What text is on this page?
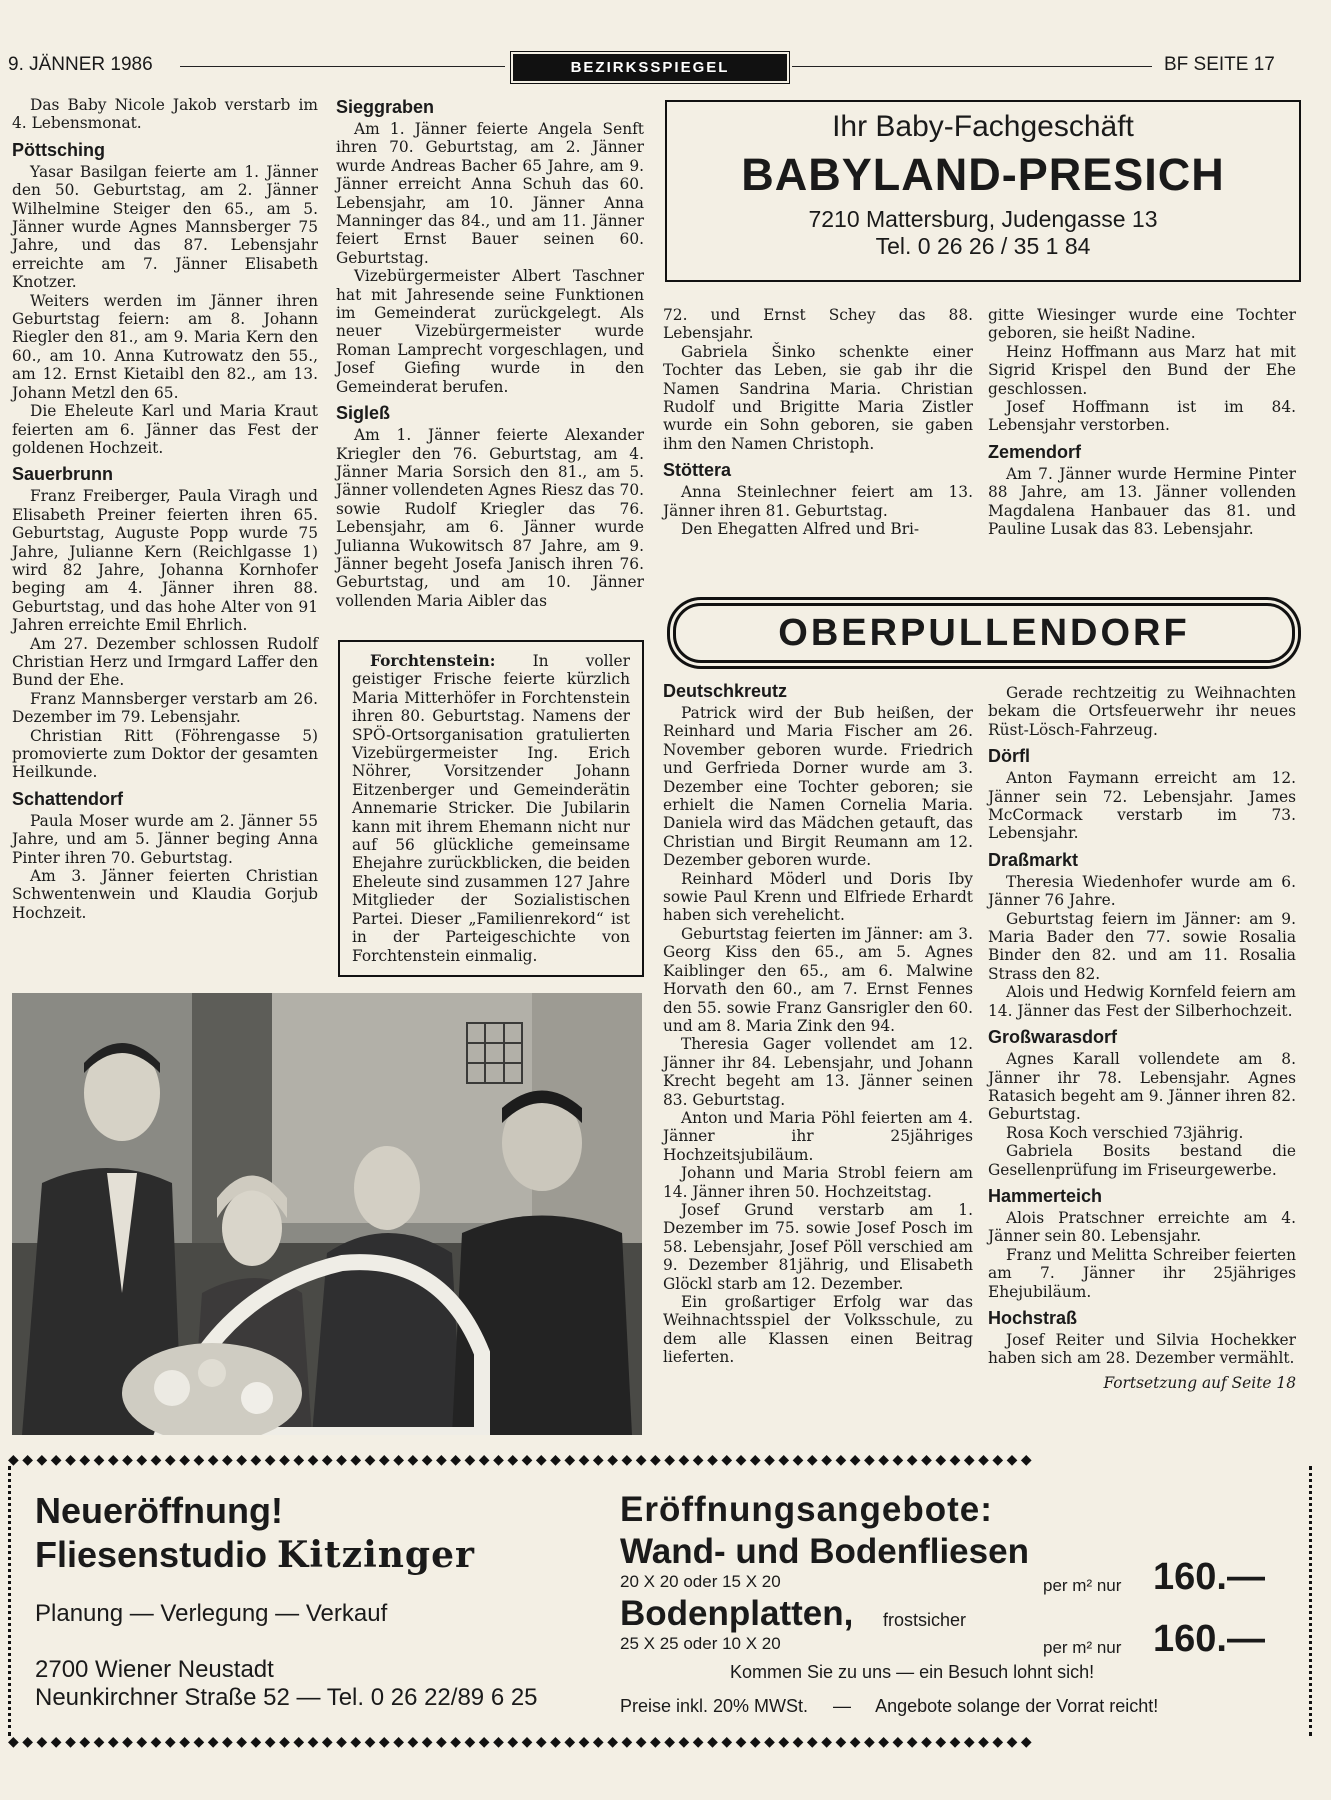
9. JÄNNER 1986	BEZIRKSSPIEGEL	BF SEITE 17

Das Baby Nicole Jakob verstarb im 4. Lebensmonat.

Pöttsching

Yasar Basilgan feierte am 1. Jänner den 50. Geburtstag, am 2. Jänner Wilhelmine Steiger den 65., am 5. Jänner wurde Agnes Mannsberger 75 Jahre, und das 87. Lebensjahr erreichte am 7. Jänner Elisabeth Knotzer.

Weiters werden im Jänner ihren Geburtstag feiern: am 8. Johann Riegler den 81., am 9. Maria Kern den 60., am 10. Anna Kutrowatz den 55., am 12. Ernst Kietaibl den 82., am 13. Johann Metzl den 65.

Die Eheleute Karl und Maria Kraut feierten am 6. Jänner das Fest der goldenen Hochzeit.

Sauerbrunn

Franz Freiberger, Paula Viragh und Elisabeth Preiner feierten ihren 65. Geburtstag, Auguste Popp wurde 75 Jahre, Julianne Kern (Reichlgasse 1) wird 82 Jahre, Johanna Kornhofer beging am 4. Jänner ihren 88. Geburtstag, und das hohe Alter von 91 Jahren erreichte Emil Ehrlich.

Am 27. Dezember schlossen Rudolf Christian Herz und Irmgard Laffer den Bund der Ehe.

Franz Mannsberger verstarb am 26. Dezember im 79. Lebensjahr.

Christian Ritt (Föhrengasse 5) promovierte zum Doktor der gesamten Heilkunde.

Schattendorf

Paula Moser wurde am 2. Jänner 55 Jahre, und am 5. Jänner beging Anna Pinter ihren 70. Geburtstag.

Am 3. Jänner feierten Christian Schwentenwein und Klaudia Gorjub Hochzeit.

Sieggraben

Am 1. Jänner feierte Angela Senft ihren 70. Geburtstag, am 2. Jänner wurde Andreas Bacher 65 Jahre, am 9. Jänner erreicht Anna Schuh das 60. Lebensjahr, am 10. Jänner Anna Manninger das 84., und am 11. Jänner feiert Ernst Bauer seinen 60. Geburtstag.

Vizebürgermeister Albert Taschner hat mit Jahresende seine Funktionen im Gemeinderat zurückgelegt. Als neuer Vizebürgermeister wurde Roman Lamprecht vorgeschlagen, und Josef Giefing wurde in den Gemeinderat berufen.

Sigleß

Am 1. Jänner feierte Alexander Kriegler den 76. Geburtstag, am 4. Jänner Maria Sorsich den 81., am 5. Jänner vollendeten Agnes Riesz das 70. sowie Rudolf Kriegler das 76. Lebensjahr, am 6. Jänner wurde Julianna Wukowitsch 87 Jahre, am 9. Jänner begeht Josefa Janisch ihren 76. Geburtstag, und am 10. Jänner vollenden Maria Aibler das

Forchtenstein: In voller geistiger Frische feierte kürzlich Maria Mitterhöfer in Forchtenstein ihren 80. Geburtstag. Namens der SPÖ-Ortsorganisation gratulierten Vizebürgermeister Ing. Erich Nöhrer, Vorsitzender Johann Eitzenberger und Gemeinderätin Annemarie Stricker. Die Jubilarin kann mit ihrem Ehemann nicht nur auf 56 glückliche gemeinsame Ehejahre zurückblicken, die beiden Eheleute sind zusammen 127 Jahre Mitglieder der Sozialistischen Partei. Dieser „Familienrekord“ ist in der Parteigeschichte von Forchtenstein einmalig.

Ihr Baby-Fachgeschäft
BABYLAND-PRESICH
7210 Mattersburg, Judengasse 13
Tel. 0 26 26 / 35 1 84

72. und Ernst Schey das 88. Lebensjahr.

Gabriela Šinko schenkte einer Tochter das Leben, sie gab ihr die Namen Sandrina Maria. Christian Rudolf und Brigitte Maria Zistler wurde ein Sohn geboren, sie gaben ihm den Namen Christoph.

Stöttera

Anna Steinlechner feiert am 13. Jänner ihren 81. Geburtstag.

Den Ehegatten Alfred und Bri-

gitte Wiesinger wurde eine Tochter geboren, sie heißt Nadine.

Heinz Hoffmann aus Marz hat mit Sigrid Krispel den Bund der Ehe geschlossen.

Josef Hoffmann ist im 84. Lebensjahr verstorben.

Zemendorf

Am 7. Jänner wurde Hermine Pinter 88 Jahre, am 13. Jänner vollenden Magdalena Hanbauer das 81. und Pauline Lusak das 83. Lebensjahr.

OBERPULLENDORF
Deutschkreutz

Patrick wird der Bub heißen, der Reinhard und Maria Fischer am 26. November geboren wurde. Friedrich und Gerfrieda Dorner wurde am 3. Dezember eine Tochter geboren; sie erhielt die Namen Cornelia Maria. Daniela wird das Mädchen getauft, das Christian und Birgit Reumann am 12. Dezember geboren wurde.

Reinhard Möderl und Doris Iby sowie Paul Krenn und Elfriede Erhardt haben sich verehelicht.

Geburtstag feierten im Jänner: am 3. Georg Kiss den 65., am 5. Agnes Kaiblinger den 65., am 6. Malwine Horvath den 60., am 7. Ernst Fennes den 55. sowie Franz Gansrigler den 60. und am 8. Maria Zink den 94.

Theresia Gager vollendet am 12. Jänner ihr 84. Lebensjahr, und Johann Krecht begeht am 13. Jänner seinen 83. Geburtstag.

Anton und Maria Pöhl feierten am 4. Jänner ihr 25jähriges Hochzeitsjubiläum.

Johann und Maria Strobl feiern am 14. Jänner ihren 50. Hochzeitstag.

Josef Grund verstarb am 1. Dezember im 75. sowie Josef Posch im 58. Lebensjahr, Josef Pöll verschied am 9. Dezember 81jährig, und Elisabeth Glöckl starb am 12. Dezember.

Ein großartiger Erfolg war das Weihnachtsspiel der Volksschule, zu dem alle Klassen einen Beitrag lieferten.

Gerade rechtzeitig zu Weihnachten bekam die Ortsfeuerwehr ihr neues Rüst-Lösch-Fahrzeug.

Dörfl

Anton Faymann erreicht am 12. Jänner sein 72. Lebensjahr. James McCormack verstarb im 73. Lebensjahr.

Draßmarkt

Theresia Wiedenhofer wurde am 6. Jänner 76 Jahre.

Geburtstag feiern im Jänner: am 9. Maria Bader den 77. sowie Rosalia Binder den 82. und am 11. Rosalia Strass den 82.

Alois und Hedwig Kornfeld feiern am 14. Jänner das Fest der Silberhochzeit.

Großwarasdorf

Agnes Karall vollendete am 8. Jänner ihr 78. Lebensjahr. Agnes Ratasich begeht am 9. Jänner ihren 82. Geburtstag.

Rosa Koch verschied 73jährig.

Gabriela Bosits bestand die Gesellenprüfung im Friseurgewerbe.

Hammerteich

Alois Pratschner erreichte am 4. Jänner sein 80. Lebensjahr.

Franz und Melitta Schreiber feierten am 7. Jänner ihr 25jähriges Ehejubiläum.

Hochstraß

Josef Reiter und Silvia Hochekker haben sich am 28. Dezember vermählt.

Fortsetzung auf Seite 18

◆◆◆◆◆◆◆◆◆◆◆◆◆◆◆◆◆◆◆◆◆◆◆◆◆◆◆◆◆◆◆◆◆◆◆◆◆◆◆◆◆◆◆◆◆◆◆◆◆◆◆◆◆◆◆◆◆◆◆◆◆◆◆◆◆◆◆◆◆◆◆◆
◆◆◆◆◆◆◆◆◆◆◆◆◆◆◆◆◆◆◆◆◆◆◆◆◆◆◆◆◆◆◆◆◆◆◆◆◆◆◆◆◆◆◆◆◆◆◆◆◆◆◆◆◆◆◆◆◆◆◆◆◆◆◆◆◆◆◆◆◆◆◆◆
Neueröffnung!
Fliesenstudio Kitzinger
Planung — Verlegung — Verkauf
2700 Wiener Neustadt
Neunkirchner Straße 52 — Tel. 0 26 22/89 6 25
Eröffnungsangebote:
Wand- und Bodenfliesen
20 X 20 oder 15 X 20	per m² nur 160.—
Bodenplatten, frostsicher
25 X 25 oder 10 X 20	per m² nur 160.—
Kommen Sie zu uns — ein Besuch lohnt sich!
Preise inkl. 20% MWSt.     —     Angebote solange der Vorrat reicht!
